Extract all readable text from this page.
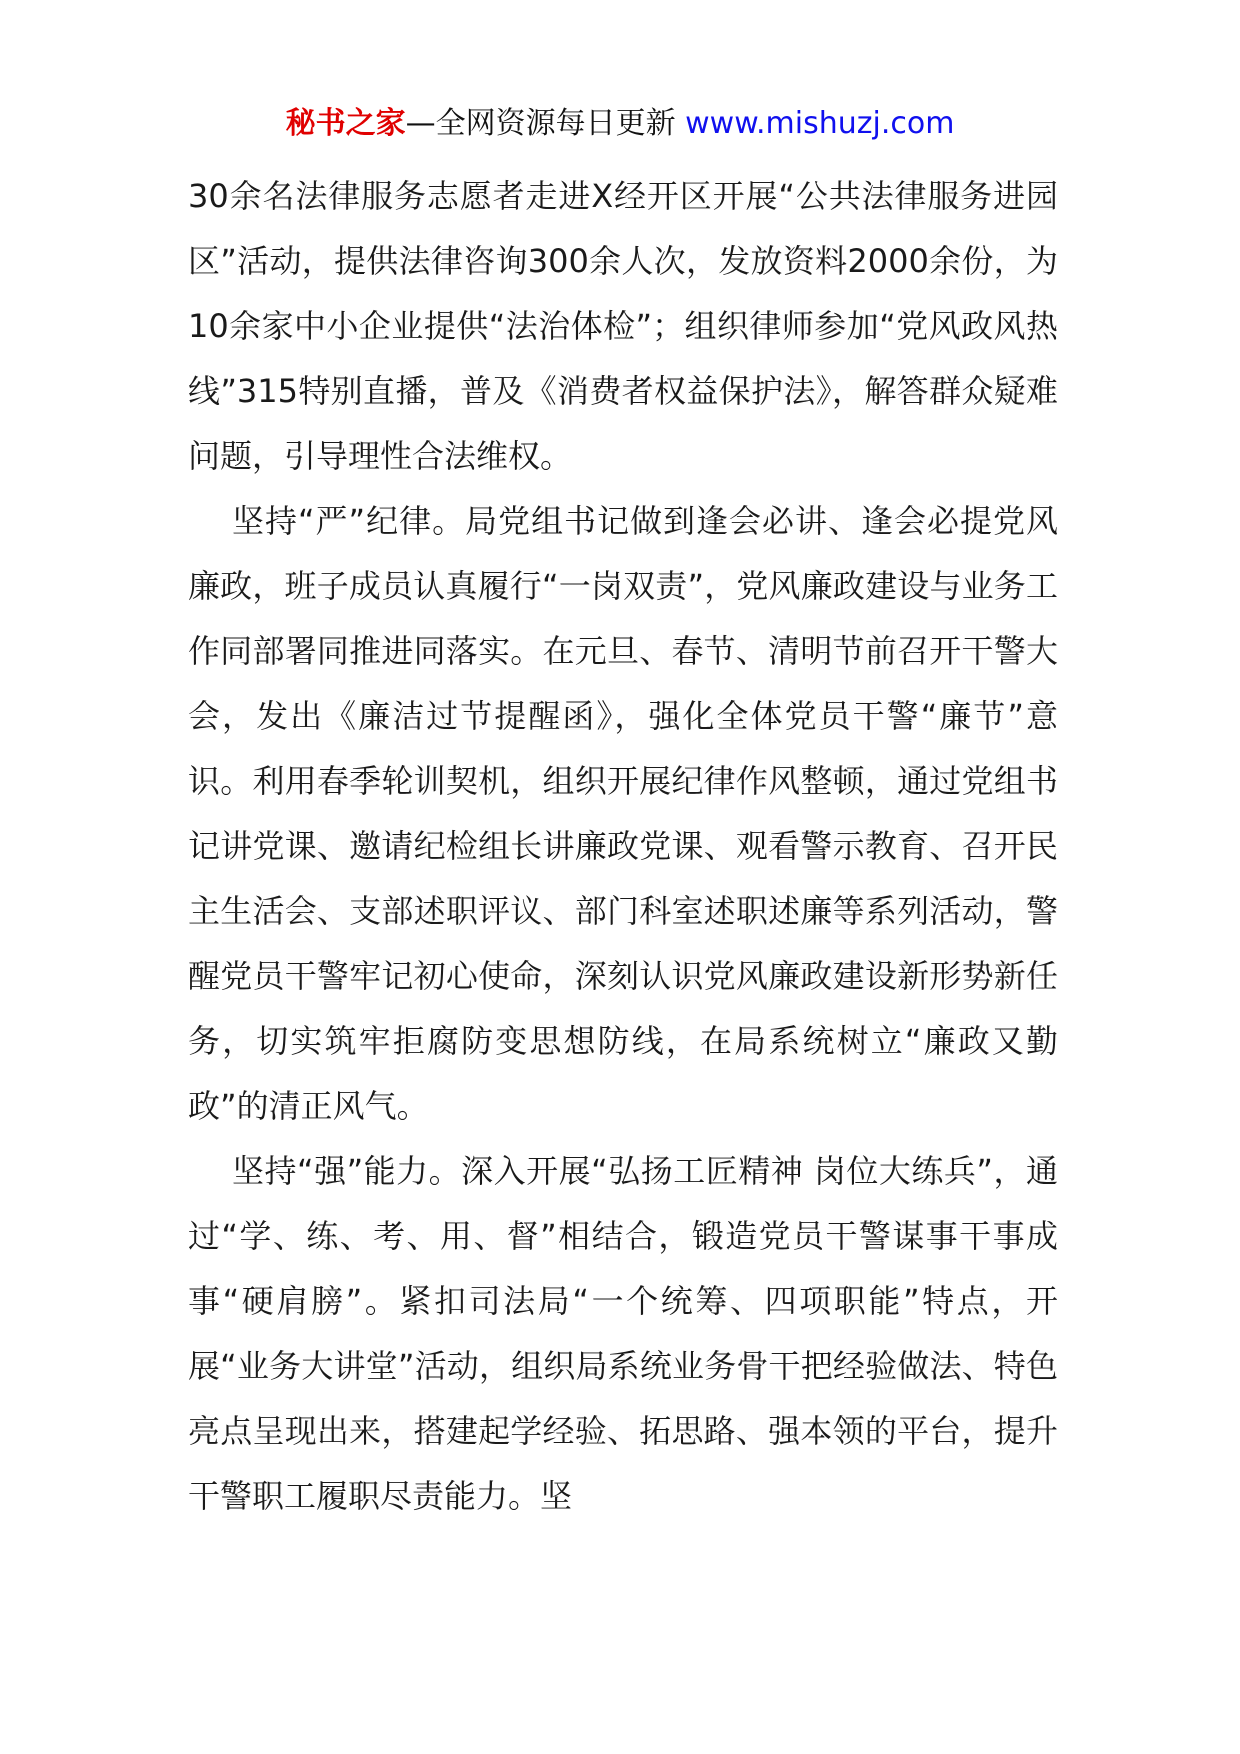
秘书之家—全网资源每日更新 www.mishuzj.com

30余名法律服务志愿者走进X经开区开展“公共法律服务进园区”活动，提供法律咨询300余人次，发放资料2000余份，为10余家中小企业提供“法治体检”；组织律师参加“党风政风热线”315特别直播，普及《消费者权益保护法》，解答群众疑难问题，引导理性合法维权。

坚持“严”纪律。局党组书记做到逢会必讲、逢会必提党风廉政，班子成员认真履行“一岗双责”，党风廉政建设与业务工作同部署同推进同落实。在元旦、春节、清明节前召开干警大会，发出《廉洁过节提醒函》，强化全体党员干警“廉节”意识。利用春季轮训契机，组织开展纪律作风整顿，通过党组书记讲党课、邀请纪检组长讲廉政党课、观看警示教育、召开民主生活会、支部述职评议、部门科室述职述廉等系列活动，警醒党员干警牢记初心使命，深刻认识党风廉政建设新形势新任务，切实筑牢拒腐防变思想防线，在局系统树立“廉政又勤政”的清正风气。

坚持“强”能力。深入开展“弘扬工匠精神 岗位大练兵”，通过“学、练、考、用、督”相结合，锻造党员干警谋事干事成事“硬肩膀”。紧扣司法局“一个统筹、四项职能”特点，开展“业务大讲堂”活动，组织局系统业务骨干把经验做法、特色亮点呈现出来，搭建起学经验、拓思路、强本领的平台，提升干警职工履职尽责能力。坚
